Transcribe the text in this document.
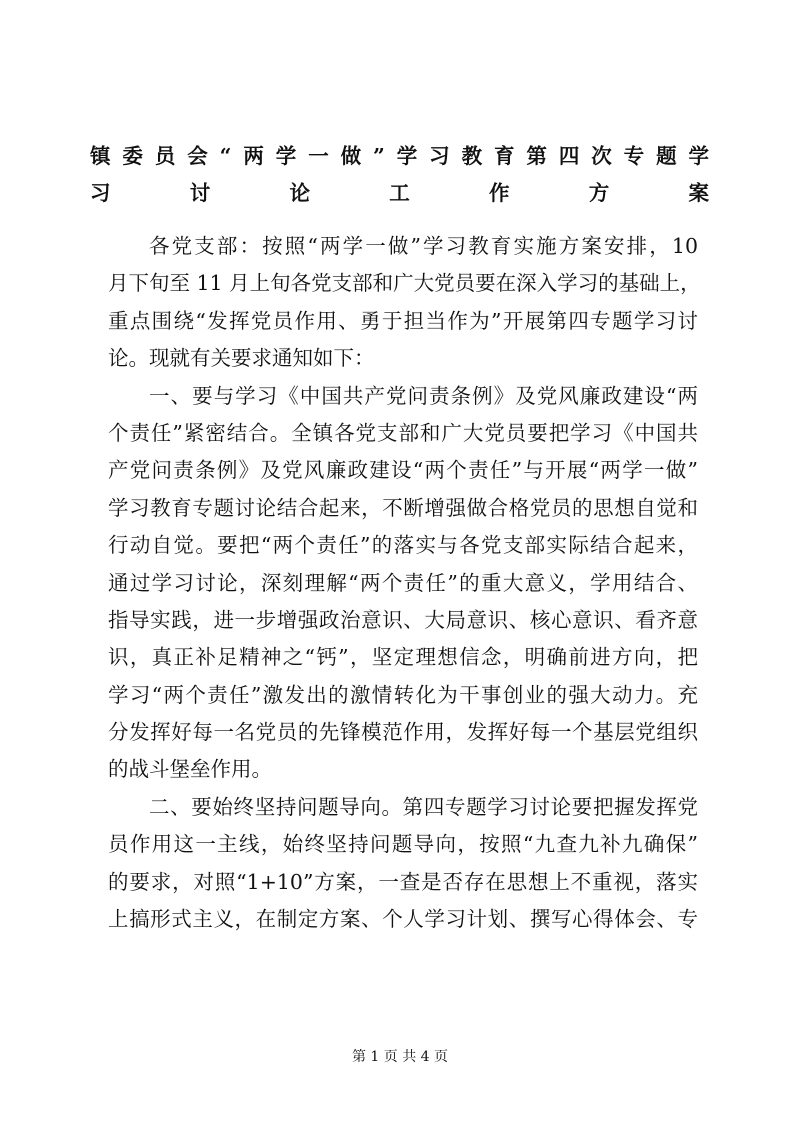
镇委员会“两学一做”学习教育第四次专题学
习讨论工作方案
各党支部：按照“两学一做”学习教育实施方案安排，10
月下旬至 11 月上旬各党支部和广大党员要在深入学习的基础上，
重点围绕“发挥党员作用、勇于担当作为”开展第四专题学习讨
论。现就有关要求通知如下：
一、要与学习《中国共产党问责条例》及党风廉政建设“两
个责任”紧密结合。全镇各党支部和广大党员要把学习《中国共
产党问责条例》及党风廉政建设“两个责任”与开展“两学一做”
学习教育专题讨论结合起来，不断增强做合格党员的思想自觉和
行动自觉。要把“两个责任”的落实与各党支部实际结合起来，
通过学习讨论，深刻理解“两个责任”的重大意义，学用结合、
指导实践，进一步增强政治意识、大局意识、核心意识、看齐意
识，真正补足精神之“钙”，坚定理想信念，明确前进方向，把
学习“两个责任”激发出的激情转化为干事创业的强大动力。充
分发挥好每一名党员的先锋模范作用，发挥好每一个基层党组织
的战斗堡垒作用。
二、要始终坚持问题导向。第四专题学习讨论要把握发挥党
员作用这一主线，始终坚持问题导向，按照“九查九补九确保”
的要求，对照“1+10”方案，一查是否存在思想上不重视，落实
上搞形式主义，在制定方案、个人学习计划、撰写心得体会、专
第 1 页 共 4 页
